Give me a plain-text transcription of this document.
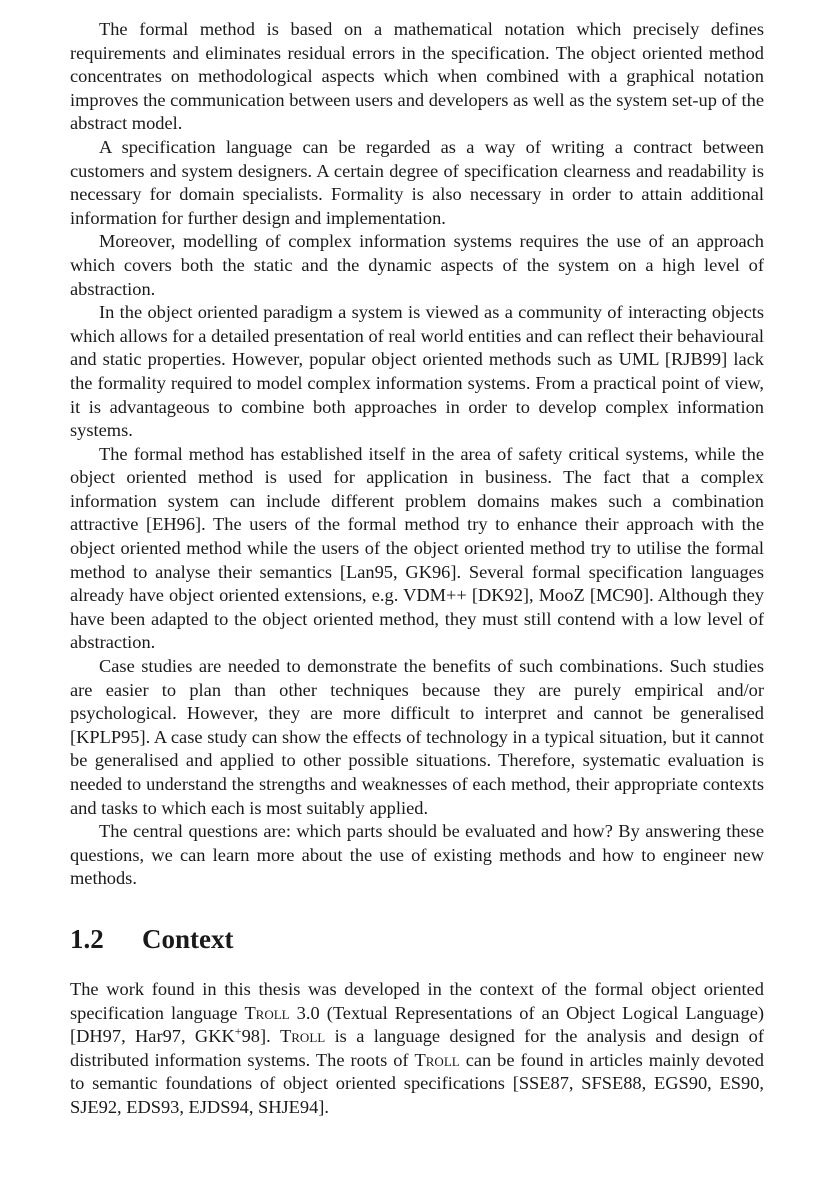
The formal method is based on a mathematical notation which precisely defines requirements and eliminates residual errors in the specification. The object oriented method concentrates on methodological aspects which when combined with a graphical notation improves the communication between users and developers as well as the system set-up of the abstract model.

A specification language can be regarded as a way of writing a contract between customers and system designers. A certain degree of specification clearness and readability is necessary for domain specialists. Formality is also necessary in order to attain additional information for further design and implementation.

Moreover, modelling of complex information systems requires the use of an approach which covers both the static and the dynamic aspects of the system on a high level of abstraction.

In the object oriented paradigm a system is viewed as a community of interacting objects which allows for a detailed presentation of real world entities and can reflect their behavioural and static properties. However, popular object oriented methods such as UML [RJB99] lack the formality required to model complex information systems. From a practical point of view, it is advantageous to combine both approaches in order to develop complex information systems.

The formal method has established itself in the area of safety critical systems, while the object oriented method is used for application in business. The fact that a complex information system can include different problem domains makes such a combination attractive [EH96]. The users of the formal method try to enhance their approach with the object oriented method while the users of the object oriented method try to utilise the formal method to analyse their semantics [Lan95, GK96]. Several formal specification languages already have object oriented extensions, e.g. VDM++ [DK92], MooZ [MC90]. Although they have been adapted to the object oriented method, they must still contend with a low level of abstraction.

Case studies are needed to demonstrate the benefits of such combinations. Such studies are easier to plan than other techniques because they are purely empirical and/or psychological. However, they are more difficult to interpret and cannot be generalised [KPLP95]. A case study can show the effects of technology in a typical situation, but it cannot be generalised and applied to other possible situations. Therefore, systematic evaluation is needed to understand the strengths and weaknesses of each method, their appropriate contexts and tasks to which each is most suitably applied.

The central questions are: which parts should be evaluated and how? By answering these questions, we can learn more about the use of existing methods and how to engineer new methods.

1.2 Context

The work found in this thesis was developed in the context of the formal object oriented specification language Troll 3.0 (Textual Representations of an Object Logical Language) [DH97, Har97, GKK+98]. Troll is a language designed for the analysis and design of distributed information systems. The roots of Troll can be found in articles mainly devoted to semantic foundations of object oriented specifications [SSE87, SFSE88, EGS90, ES90, SJE92, EDS93, EJDS94, SHJE94].
